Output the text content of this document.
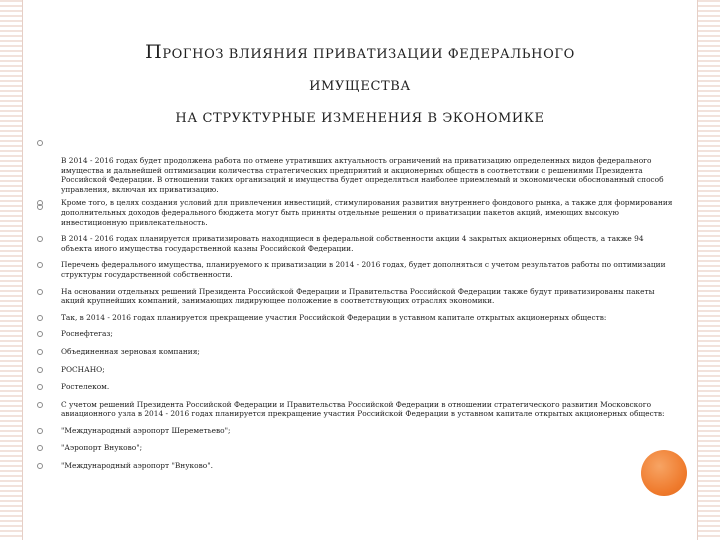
ПРОГНОЗ ВЛИЯНИЯ ПРИВАТИЗАЦИИ ФЕДЕРАЛЬНОГО
ИМУЩЕСТВА
НА СТРУКТУРНЫЕ ИЗМЕНЕНИЯ В ЭКОНОМИКЕ
В 2014 - 2016 годах будет продолжена работа по отмене утративших актуальность ограничений на приватизацию определенных видов федерального имущества и дальнейшей оптимизации количества стратегических предприятий и акционерных обществ в соответствии с решениями Президента Российской Федерации. В отношении таких организаций и имущества будет определяться наиболее приемлемый и экономически обоснованный способ управления, включая их приватизацию.
Кроме того, в целях создания условий для привлечения инвестиций, стимулирования развития внутреннего фондового рынка, а также для формирования дополнительных доходов федерального бюджета могут быть приняты отдельные решения о приватизации пакетов акций, имеющих высокую инвестиционную привлекательность.
В 2014 - 2016 годах планируется приватизировать находящиеся в федеральной собственности акции 4 закрытых акционерных обществ, а также 94 объекта иного имущества государственной казны Российской Федерации.
Перечень федерального имущества, планируемого к приватизации в 2014 - 2016 годах, будет дополняться с учетом результатов работы по оптимизации структуры государственной собственности.
На основании отдельных решений Президента Российской Федерации и Правительства Российской Федерации также будут приватизированы пакеты акций крупнейших компаний, занимающих лидирующее положение в соответствующих отраслях экономики.
Так, в 2014 - 2016 годах планируется прекращение участия Российской Федерации в уставном капитале открытых акционерных обществ:
Роснефтегаз;
Объединенная зерновая компания;
РОСНАНО;
Ростелеком.
С учетом решений Президента Российской Федерации и Правительства Российской Федерации в отношении стратегического развития Московского авиационного узла в 2014 - 2016 годах планируется прекращение участия Российской Федерации в уставном капитале открытых акционерных обществ:
"Международный аэропорт Шереметьево";
"Аэропорт Внуково";
"Международный аэропорт "Внуково".
